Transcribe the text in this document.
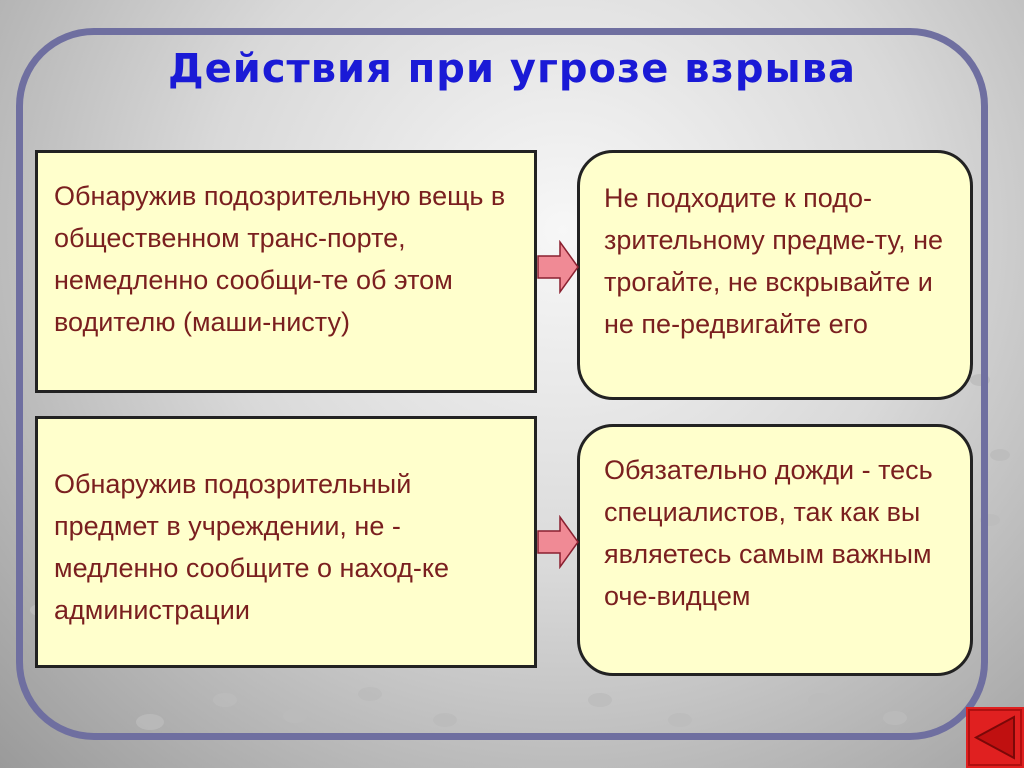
Действия при угрозе взрыва
Обнаружив подозрительную вещь в общественном транс-порте, немедленно сообщи-те об этом водителю (маши-нисту)
Не подходите к подо-зрительному предме-ту, не трогайте, не вскрывайте и не пе-редвигайте его
Обнаружив подозрительный предмет в учреждении, не - медленно сообщите о наход-ке администрации
Обязательно дожди - тесь специалистов, так как вы являетесь самым важным оче-видцем
